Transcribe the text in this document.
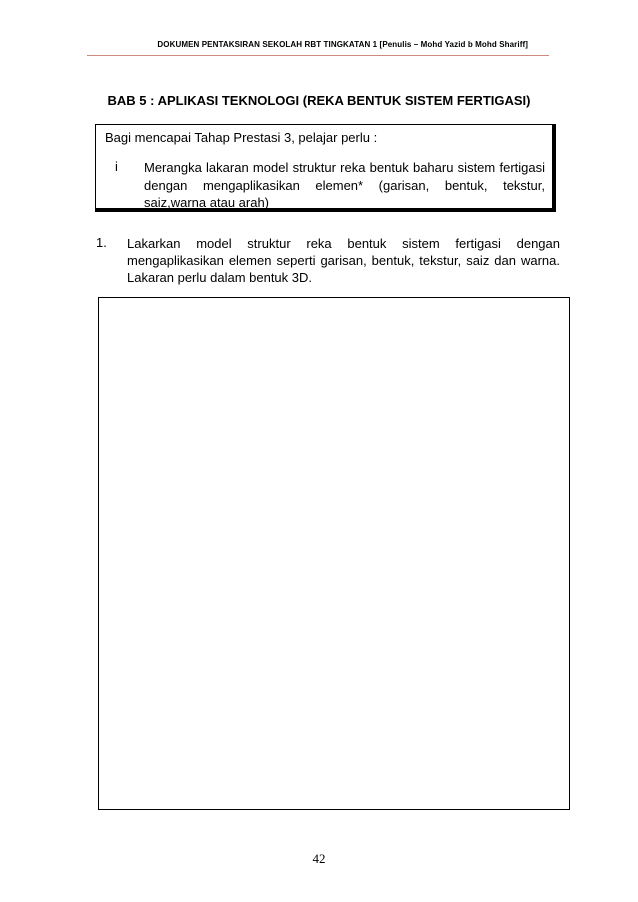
DOKUMEN PENTAKSIRAN SEKOLAH RBT TINGKATAN 1 [Penulis – Mohd Yazid b Mohd Shariff]
BAB 5 : APLIKASI TEKNOLOGI (REKA BENTUK SISTEM FERTIGASI)
Bagi mencapai Tahap Prestasi 3, pelajar perlu :
i Merangka lakaran model struktur reka bentuk baharu sistem fertigasi dengan mengaplikasikan elemen* (garisan, bentuk, tekstur, saiz,warna atau arah)
1. Lakarkan model struktur reka bentuk sistem fertigasi dengan mengaplikasikan elemen seperti garisan, bentuk, tekstur, saiz dan warna. Lakaran perlu dalam bentuk 3D.
42
